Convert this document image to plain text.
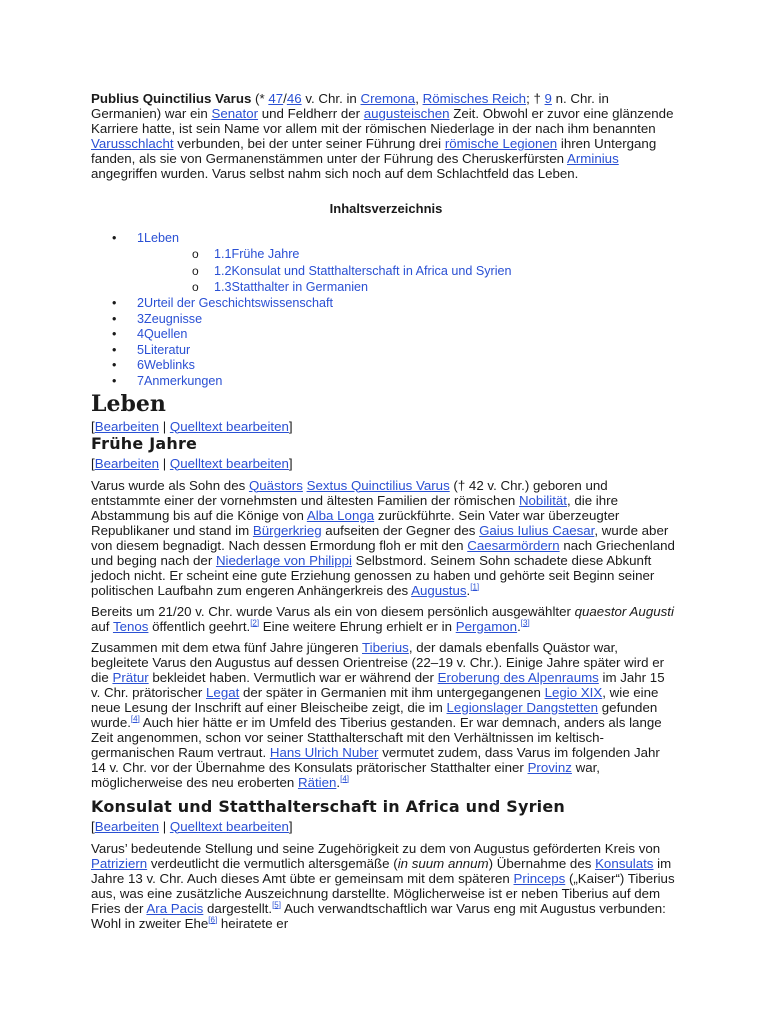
Publius Quinctilius Varus (* 47/46 v. Chr. in Cremona, Römisches Reich; † 9 n. Chr. in Germanien) war ein Senator und Feldherr der augusteischen Zeit. Obwohl er zuvor eine glänzende Karriere hatte, ist sein Name vor allem mit der römischen Niederlage in der nach ihm benannten Varusschlacht verbunden, bei der unter seiner Führung drei römische Legionen ihren Untergang fanden, als sie von Germanenstämmen unter der Führung des Cheruskerfürsten Arminius angegriffen wurden. Varus selbst nahm sich noch auf dem Schlachtfeld das Leben.

Inhaltsverzeichnis
• 1Leben
o 1.1Frühe Jahre
o 1.2Konsulat und Statthalterschaft in Africa und Syrien
o 1.3Statthalter in Germanien
• 2Urteil der Geschichtswissenschaft
• 3Zeugnisse
• 4Quellen
• 5Literatur
• 6Weblinks
• 7Anmerkungen
Leben
[Bearbeiten | Quelltext bearbeiten]
Frühe Jahre
[Bearbeiten | Quelltext bearbeiten]

Varus wurde als Sohn des Quästors Sextus Quinctilius Varus († 42 v. Chr.) geboren und entstammte einer der vornehmsten und ältesten Familien der römischen Nobilität, die ihre Abstammung bis auf die Könige von Alba Longa zurückführte. Sein Vater war überzeugter Republikaner und stand im Bürgerkrieg aufseiten der Gegner des Gaius Iulius Caesar, wurde aber von diesem begnadigt. Nach dessen Ermordung floh er mit den Caesarmördern nach Griechenland und beging nach der Niederlage von Philippi Selbstmord. Seinem Sohn schadete diese Abkunft jedoch nicht. Er scheint eine gute Erziehung genossen zu haben und gehörte seit Beginn seiner politischen Laufbahn zum engeren Anhängerkreis des Augustus.[1]

Bereits um 21/20 v. Chr. wurde Varus als ein von diesem persönlich ausgewählter quaestor Augusti auf Tenos öffentlich geehrt.[2] Eine weitere Ehrung erhielt er in Pergamon.[3]

Zusammen mit dem etwa fünf Jahre jüngeren Tiberius, der damals ebenfalls Quästor war, begleitete Varus den Augustus auf dessen Orientreise (22–19 v. Chr.). Einige Jahre später wird er die Prätur bekleidet haben. Vermutlich war er während der Eroberung des Alpenraums im Jahr 15 v. Chr. prätorischer Legat der später in Germanien mit ihm untergegangenen Legio XIX, wie eine neue Lesung der Inschrift auf einer Bleischeibe zeigt, die im Legionslager Dangstetten gefunden wurde.[4] Auch hier hätte er im Umfeld des Tiberius gestanden. Er war demnach, anders als lange Zeit angenommen, schon vor seiner Statthalterschaft mit den Verhältnissen im keltisch-germanischen Raum vertraut. Hans Ulrich Nuber vermutet zudem, dass Varus im folgenden Jahr 14 v. Chr. vor der Übernahme des Konsulats prätorischer Statthalter einer Provinz war, möglicherweise des neu eroberten Rätien.[4]

Konsulat und Statthalterschaft in Africa und Syrien
[Bearbeiten | Quelltext bearbeiten]

Varus’ bedeutende Stellung und seine Zugehörigkeit zu dem von Augustus geförderten Kreis von Patriziern verdeutlicht die vermutlich altersgemäße (in suum annum) Übernahme des Konsulats im Jahre 13 v. Chr. Auch dieses Amt übte er gemeinsam mit dem späteren Princeps („Kaiser“) Tiberius aus, was eine zusätzliche Auszeichnung darstellte. Möglicherweise ist er neben Tiberius auf dem Fries der Ara Pacis dargestellt.[5] Auch verwandtschaftlich war Varus eng mit Augustus verbunden: Wohl in zweiter Ehe[6] heiratete er
